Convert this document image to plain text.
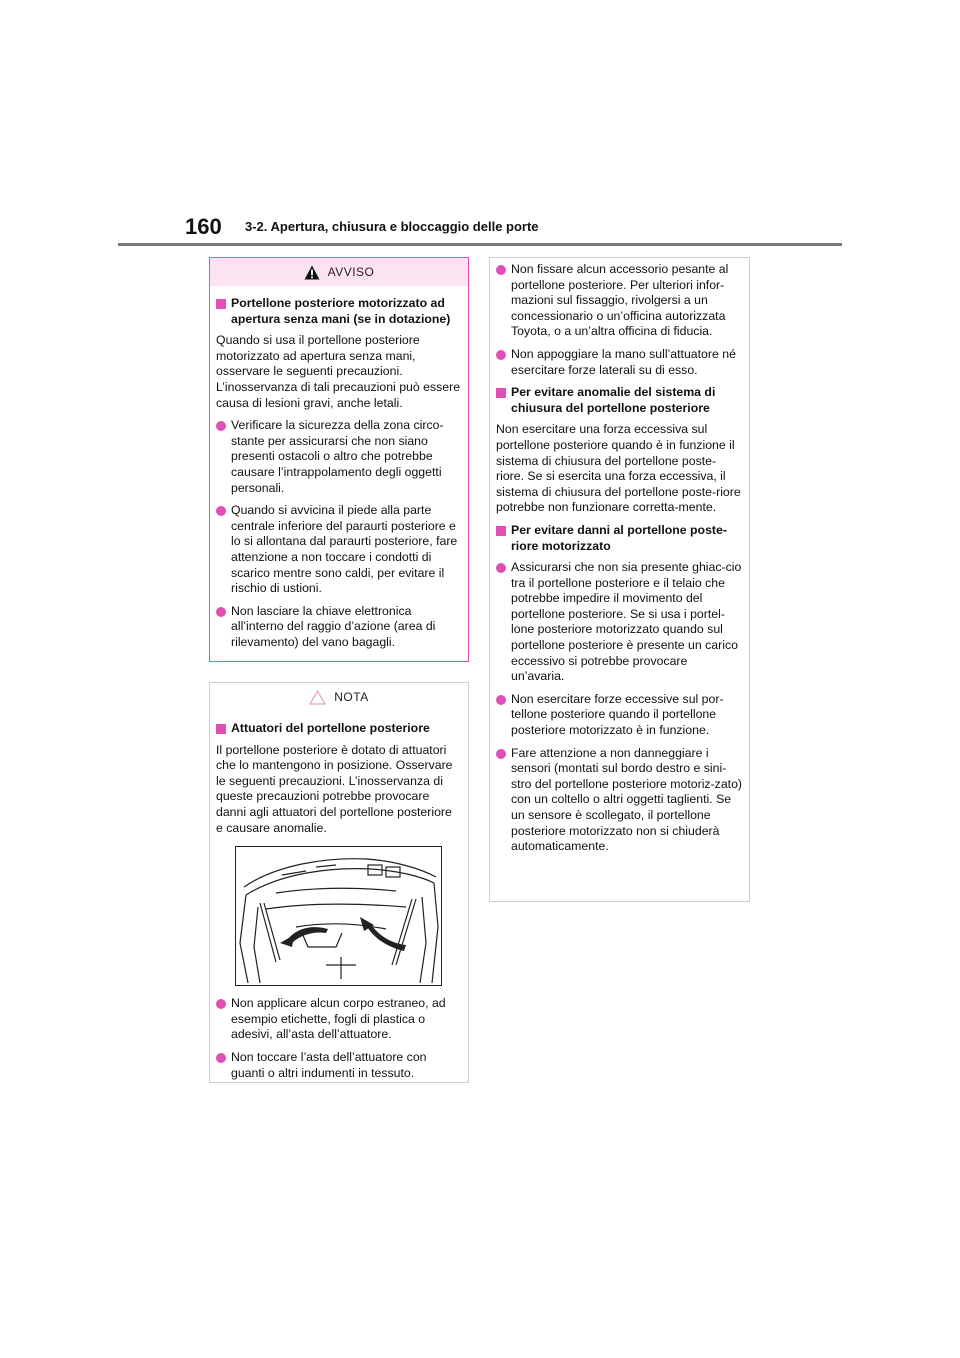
160 3-2. Apertura, chiusura e bloccaggio delle porte
AVVISO
Portellone posteriore motorizzato ad apertura senza mani (se in dotazione)

Quando si usa il portellone posteriore motorizzato ad apertura senza mani, osservare le seguenti precauzioni. L’inosservanza di tali precauzioni può essere causa di lesioni gravi, anche letali.

Verificare la sicurezza della zona circo-stante per assicurarsi che non siano presenti ostacoli o altro che potrebbe causare l’intrappolamento degli oggetti personali.
Quando si avvicina il piede alla parte centrale inferiore del paraurti posteriore e lo si allontana dal paraurti posteriore, fare attenzione a non toccare i condotti di scarico mentre sono caldi, per evitare il rischio di ustioni.
Non lasciare la chiave elettronica all’interno del raggio d’azione (area di rilevamento) del vano bagagli.
NOTA
Attuatori del portellone posteriore

Il portellone posteriore è dotato di attuatori che lo mantengono in posizione. Osservare le seguenti precauzioni. L’inosservanza di queste precauzioni potrebbe provocare danni agli attuatori del portellone posteriore e causare anomalie.

Non applicare alcun corpo estraneo, ad esempio etichette, fogli di plastica o adesivi, all’asta dell’attuatore.
Non toccare l’asta dell’attuatore con guanti o altri indumenti in tessuto.
Non fissare alcun accessorio pesante al portellone posteriore. Per ulteriori infor-mazioni sul fissaggio, rivolgersi a un concessionario o un’officina autorizzata Toyota, o a un’altra officina di fiducia.
Non appoggiare la mano sull’attuatore né esercitare forze laterali su di esso.
Per evitare anomalie del sistema di chiusura del portellone posteriore

Non esercitare una forza eccessiva sul portellone posteriore quando è in funzione il sistema di chiusura del portellone poste-riore. Se si esercita una forza eccessiva, il sistema di chiusura del portellone poste-riore potrebbe non funzionare corretta-mente.

Per evitare danni al portellone poste-riore motorizzato
Assicurarsi che non sia presente ghiac-cio tra il portellone posteriore e il telaio che potrebbe impedire il movimento del portellone posteriore. Se si usa i portel-lone posteriore motorizzato quando sul portellone posteriore è presente un carico eccessivo si potrebbe provocare un’avaria.
Non esercitare forze eccessive sul por-tellone posteriore quando il portellone posteriore motorizzato è in funzione.
Fare attenzione a non danneggiare i sensori (montati sul bordo destro e sini-stro del portellone posteriore motoriz-zato) con un coltello o altri oggetti taglienti. Se un sensore è scollegato, il portellone posteriore motorizzato non si chiuderà automaticamente.
